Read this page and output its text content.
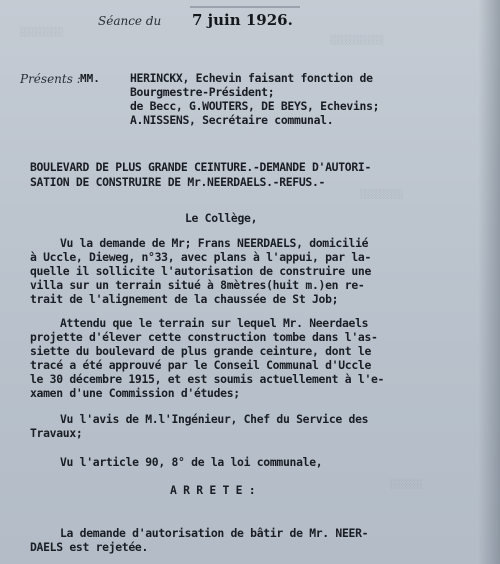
░░░░░░░░
░░░░░░░░░░
░░░░░░░░
░░░░░░
Séance du 7 juin 1926.
Présents : MM.	HERINCKX, Echevin faisant fonction de
Bourgmestre-Président;
de Becc, G.WOUTERS, DE BEYS, Echevins;
A.NISSENS, Secrétaire communal.
BOULEVARD DE PLUS GRANDE CEINTURE.-DEMANDE D'AUTORI-
SATION DE CONSTRUIRE DE Mr.NEERDAELS.-REFUS.-
Le Collège,
Vu la demande de Mr; Frans NEERDAELS, domicilié
à Uccle, Dieweg, n°33, avec plans à l'appui, par la-
quelle il sollicite l'autorisation de construire une
villa sur un terrain situé à 8mètres(huit m.)en re-
trait de l'alignement de la chaussée de St Job;
Attendu que le terrain sur lequel Mr. Neerdaels
projette d'élever cette construction tombe dans l'as-
siette du boulevard de plus grande ceinture, dont le
tracé a été approuvé par le Conseil Communal d'Uccle
le 30 décembre 1915, et est soumis actuellement à l'e-
xamen d'une Commission d'études;
Vu l'avis de M.l'Ingénieur, Chef du Service des
Travaux;
Vu l'article 90, 8° de la loi communale,
A R R E T E :
La demande d'autorisation de bâtir de Mr. NEER-
DAELS est rejetée.
